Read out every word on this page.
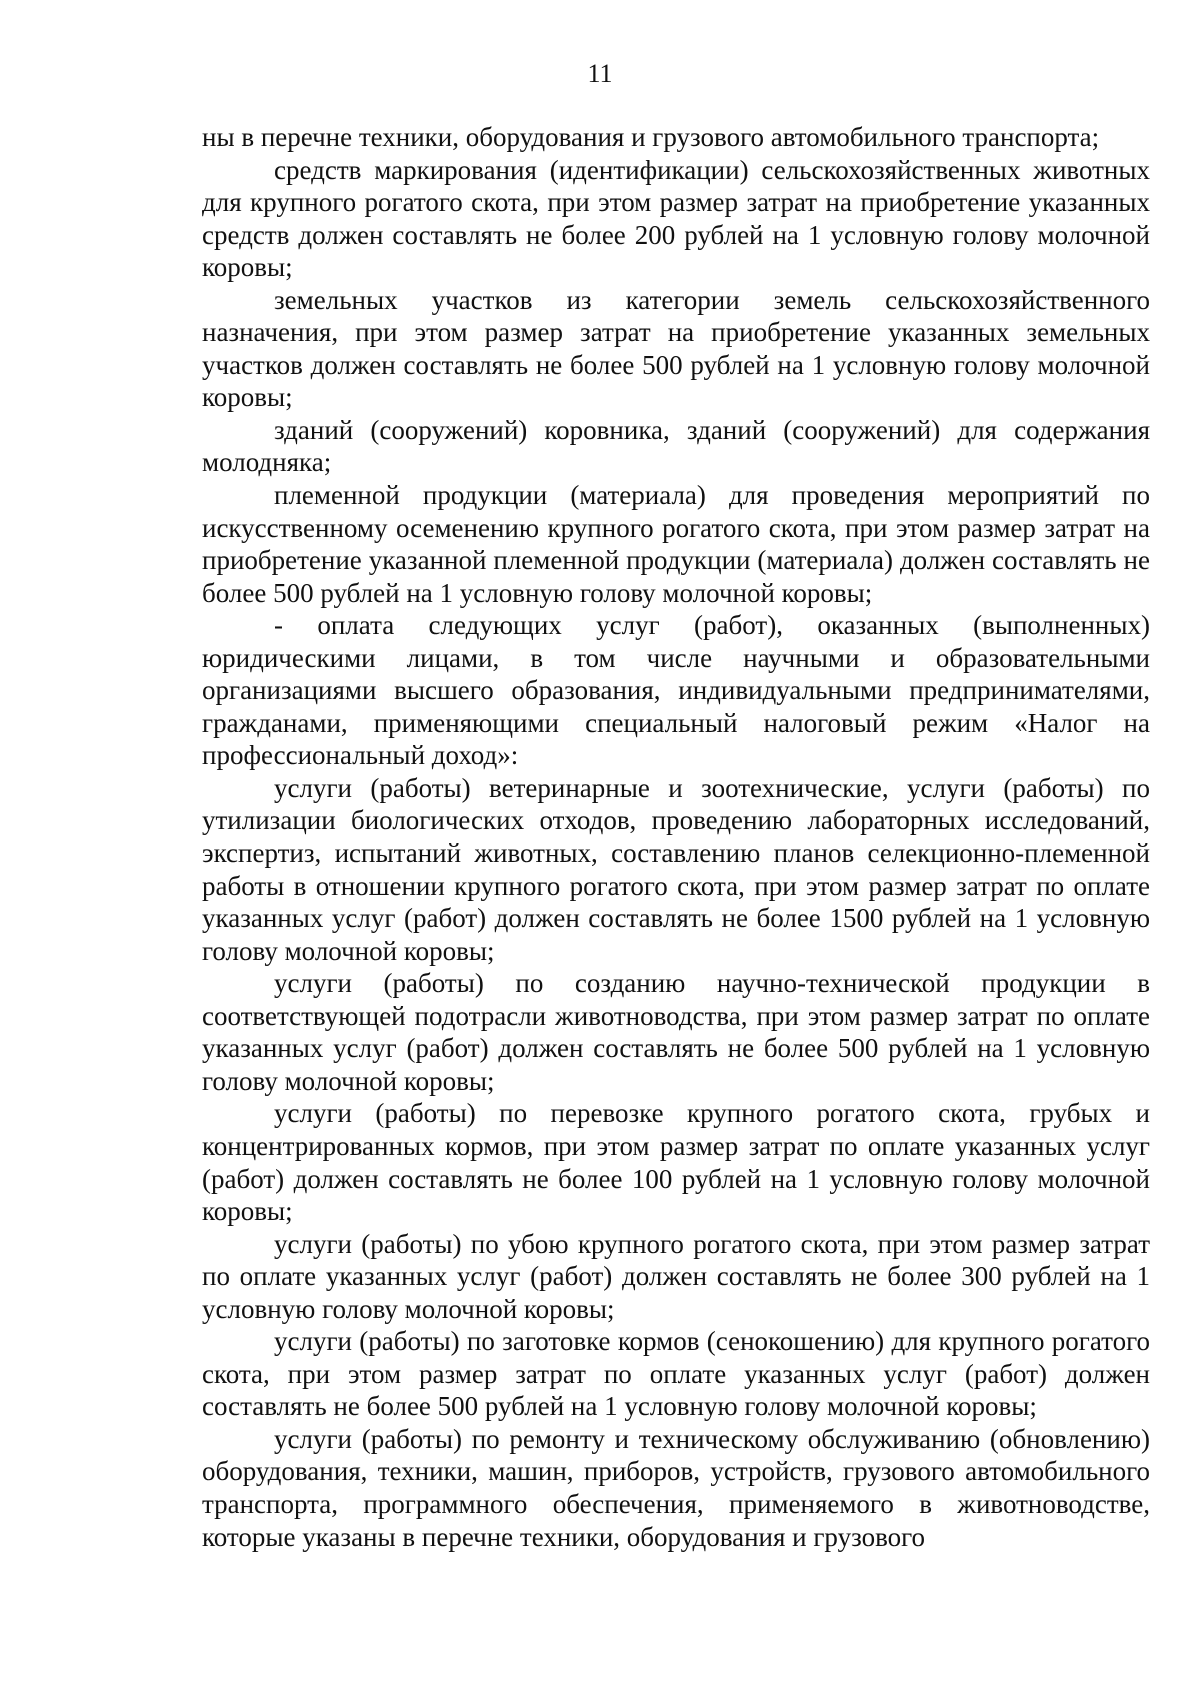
11

ны в перечне техники, оборудования и грузового автомобильного транспорта;

средств маркирования (идентификации) сельскохозяйственных животных для крупного рогатого скота, при этом размер затрат на приобретение указанных средств должен составлять не более 200 рублей на 1 условную голову молочной коровы;

земельных участков из категории земель сельскохозяйственного назначения, при этом размер затрат на приобретение указанных земельных участков должен составлять не более 500 рублей на 1 условную голову молочной коровы;

зданий (сооружений) коровника, зданий (сооружений) для содержания молодняка;

племенной продукции (материала) для проведения мероприятий по искусственному осеменению крупного рогатого скота, при этом размер затрат на приобретение указанной племенной продукции (материала) должен составлять не более 500 рублей на 1 условную голову молочной коровы;

- оплата следующих услуг (работ), оказанных (выполненных) юридическими лицами, в том числе научными и образовательными организациями высшего образования, индивидуальными предпринимателями, гражданами, применяющими специальный налоговый режим «Налог на профессиональный доход»:

услуги (работы) ветеринарные и зоотехнические, услуги (работы) по утилизации биологических отходов, проведению лабораторных исследований, экспертиз, испытаний животных, составлению планов селекционно-племенной работы в отношении крупного рогатого скота, при этом размер затрат по оплате указанных услуг (работ) должен составлять не более 1500 рублей на 1 условную голову молочной коровы;

услуги (работы) по созданию научно-технической продукции в соответствующей подотрасли животноводства, при этом размер затрат по оплате указанных услуг (работ) должен составлять не более 500 рублей на 1 условную голову молочной коровы;

услуги (работы) по перевозке крупного рогатого скота, грубых и концентрированных кормов, при этом размер затрат по оплате указанных услуг (работ) должен составлять не более 100 рублей на 1 условную голову молочной коровы;

услуги (работы) по убою крупного рогатого скота, при этом размер затрат по оплате указанных услуг (работ) должен составлять не более 300 рублей на 1 условную голову молочной коровы;

услуги (работы) по заготовке кормов (сенокошению) для крупного рогатого скота, при этом размер затрат по оплате указанных услуг (работ) должен составлять не более 500 рублей на 1 условную голову молочной коровы;

услуги (работы) по ремонту и техническому обслуживанию (обновлению) оборудования, техники, машин, приборов, устройств, грузового автомобильного транспорта, программного обеспечения, применяемого в животноводстве, которые указаны в перечне техники, оборудования и грузового
